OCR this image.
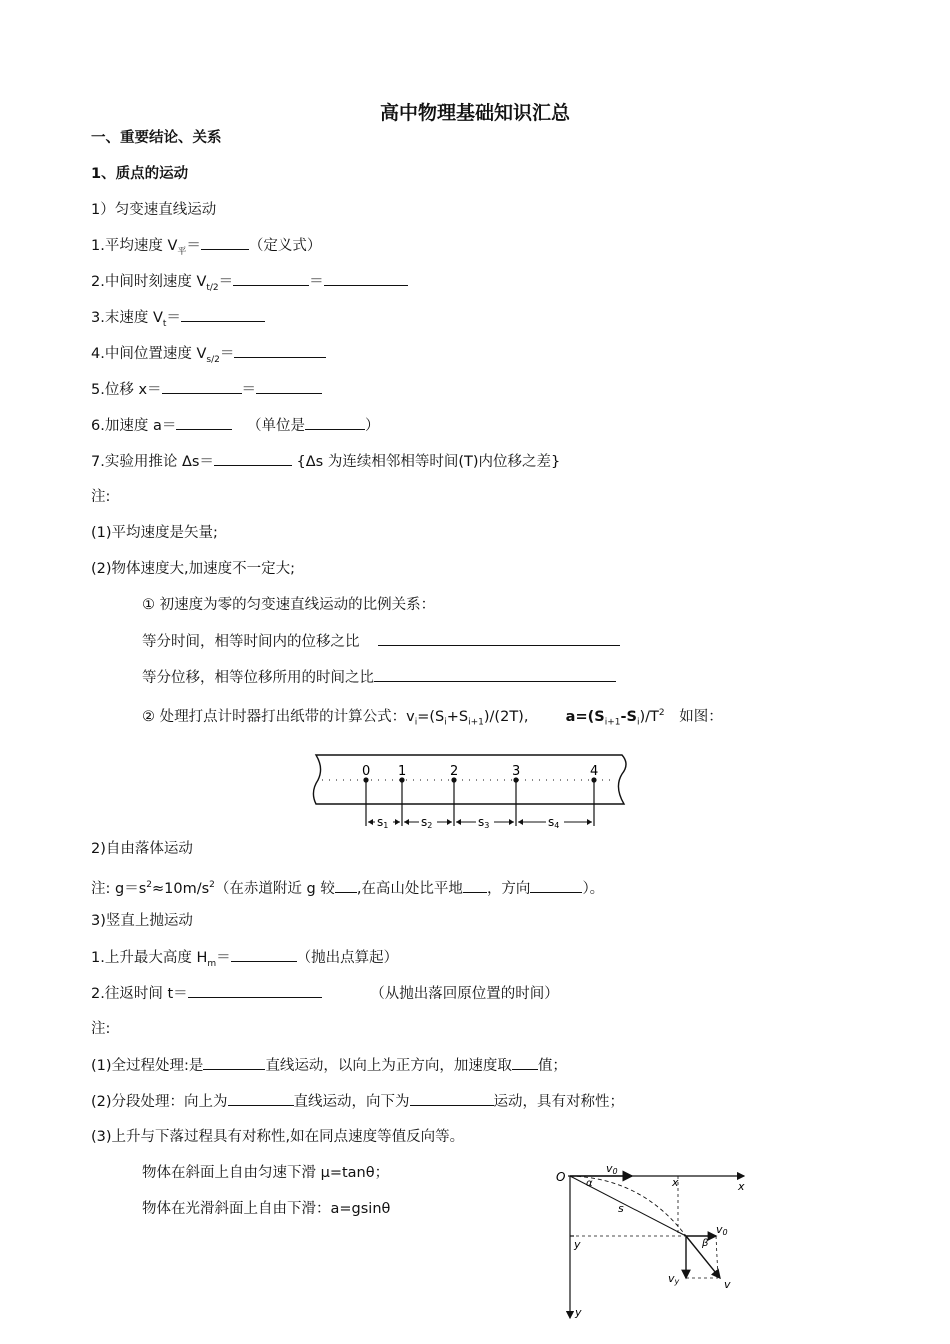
高中物理基础知识汇总
一、重要结论、关系
1、质点的运动
1）匀变速直线运动
1.平均速度 $V_平=$	（定义式）
2.中间时刻速度 $V_{t/2}=$	＝
3.末速度 $V_t=$
4.中间位置速度 $V_{s/2}=$
5.位移 x＝	＝
6.加速度 a＝	（单位是	）
7.实验用推论 Δs＝	{Δs 为连续相邻相等时间(T)内位移之差}
注:
(1)平均速度是矢量;
(2)物体速度大,加速度不一定大;
① 初速度为零的匀变速直线运动的比例关系：
等分时间，相等时间内的位移之比
等分位移，相等位移所用的时间之比
② 处理打点计时器打出纸带的计算公式：$v_i=(S_i+S_{i+1})/(2T)$,	$a=(S_{i+1}-S_i)/T^2$ 如图：
0 1	2	3	4
s1	s2	s3	s4
2)自由落体运动
注: $g=s^2\approx 10m/s^2$（在赤道附近 g 较 ,在高山处比平地 ，方向	）。
3)竖直上抛运动
1.上升最大高度 $H_m=$	（抛出点算起）
2.往返时间 t＝	（从抛出落回原位置的时间）
注:
(1)全过程处理:是	直线运动，以向上为正方向，加速度取 值；
(2)分段处理：向上为	直线运动，向下为	运动，具有对称性；
(3)上升与下落过程具有对称性,如在同点速度等值反向等。
物体在斜面上自由匀速下滑 μ=tanθ；
物体在光滑斜面上自由下滑：a=gsinθ
O
v0
x	x
α
s
y
y
β
v0
vy	v
